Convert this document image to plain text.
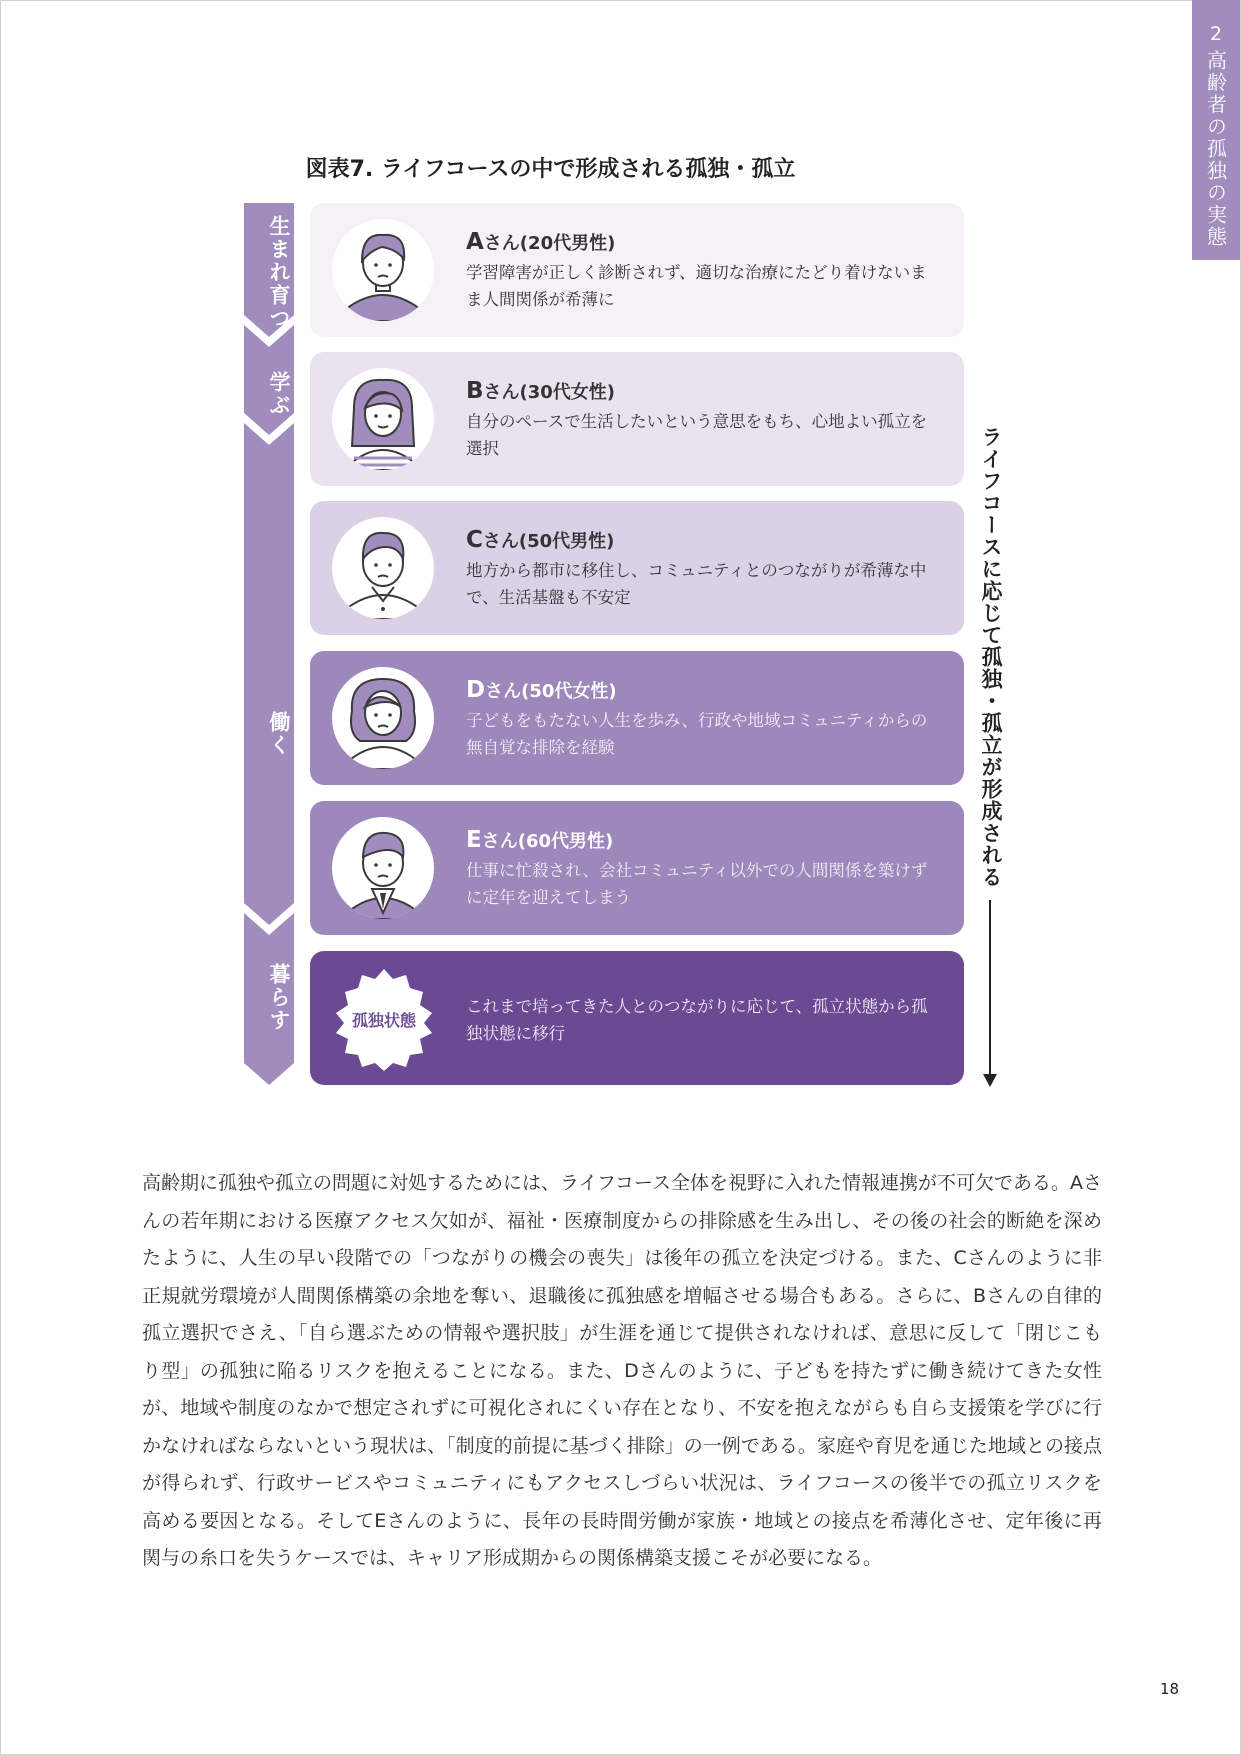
2
高齢者の孤独の実態
図表7. ライフコースの中で形成される孤独・孤立
生まれ育つ
学ぶ
働く
暮らす
Aさん(20代男性)
学習障害が正しく診断されず、適切な治療にたどり着けないまま人間関係が希薄に
Bさん(30代女性)
自分のペースで生活したいという意思をもち、心地よい孤立を選択
Cさん(50代男性)
地方から都市に移住し、コミュニティとのつながりが希薄な中で、生活基盤も不安定
Dさん(50代女性)
子どもをもたない人生を歩み、行政や地域コミュニティからの無自覚な排除を経験
Eさん(60代男性)
仕事に忙殺され、会社コミュニティ以外での人間関係を築けずに定年を迎えてしまう
孤独状態
これまで培ってきた人とのつながりに応じて、孤立状態から孤独状態に移行
ライフコースに応じて孤独・孤立が形成される
高齢期に孤独や孤立の問題に対処するためには、ライフコース全体を視野に入れた情報連携が不可欠である。Aさんの若年期における医療アクセス欠如が、福祉・医療制度からの排除感を生み出し、その後の社会的断絶を深めたように、人生の早い段階での「つながりの機会の喪失」は後年の孤立を決定づける。また、Cさんのように非正規就労環境が人間関係構築の余地を奪い、退職後に孤独感を増幅させる場合もある。さらに、Bさんの自律的孤立選択でさえ、「自ら選ぶための情報や選択肢」が生涯を通じて提供されなければ、意思に反して「閉じこもり型」の孤独に陥るリスクを抱えることになる。また、Dさんのように、子どもを持たずに働き続けてきた女性が、地域や制度のなかで想定されずに可視化されにくい存在となり、不安を抱えながらも自ら支援策を学びに行かなければならないという現状は、「制度的前提に基づく排除」の一例である。家庭や育児を通じた地域との接点が得られず、行政サービスやコミュニティにもアクセスしづらい状況は、ライフコースの後半での孤立リスクを高める要因となる。そしてEさんのように、長年の長時間労働が家族・地域との接点を希薄化させ、定年後に再関与の糸口を失うケースでは、キャリア形成期からの関係構築支援こそが必要になる。
18
